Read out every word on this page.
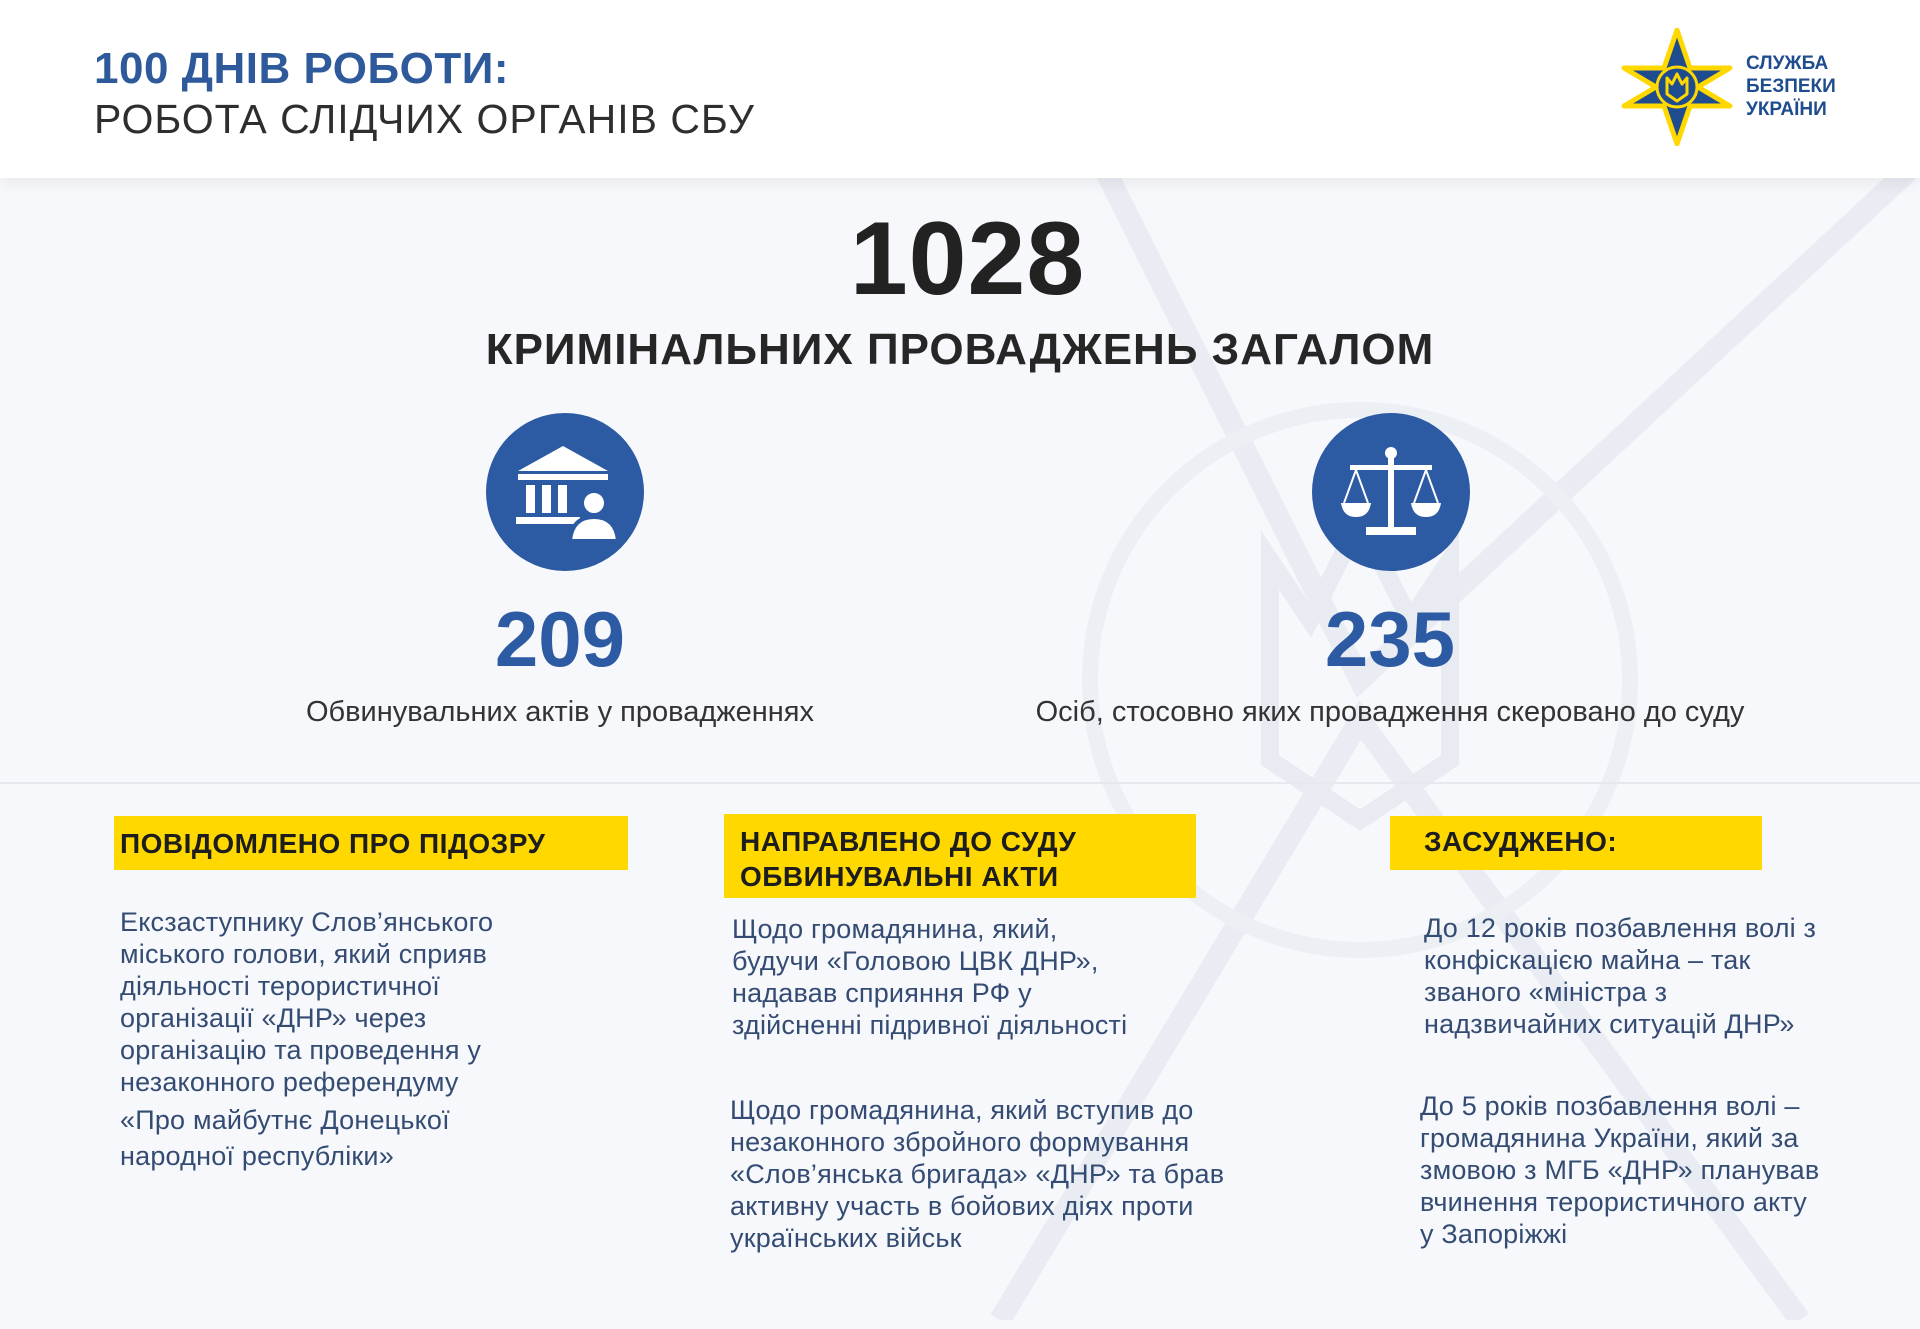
100 ДНІВ РОБОТИ:
РОБОТА СЛІДЧИХ ОРГАНІВ СБУ
СЛУЖБА
БЕЗПЕКИ
УКРАЇНИ
1028
КРИМІНАЛЬНИХ ПРОВАДЖЕНЬ ЗАГАЛОМ
209
Обвинувальних актів у провадженнях
235
Осіб, стосовно яких провадження скеровано до суду
ПОВІДОМЛЕНО ПРО ПІДОЗРУ	НАПРАВЛЕНО ДО СУДУ
ОБВИНУВАЛЬНІ АКТИ
ЗАСУДЖЕНО:
Ексзаступнику Слов’янського
міського голови, який сприяв
діяльності терористичної
організації «ДНР» через
організацію та проведення у
незаконного референдуму
«Про майбутнє Донецької
народної республіки»
Щодо громадянина, який,
будучи «Головою ЦВК ДНР»,
надавав сприяння РФ у
здійсненні підривної діяльності
Щодо громадянина, який вступив до
незаконного збройного формування
«Слов’янська бригада» «ДНР» та брав
активну участь в бойових діях проти
українських військ
До 12 років позбавлення волі з
конфіскацією майна – так
званого «міністра з
надзвичайних ситуацій ДНР»
До 5 років позбавлення волі –
громадянина України, який за
змовою з МГБ «ДНР» планував
вчинення терористичного акту
у Запоріжжі
